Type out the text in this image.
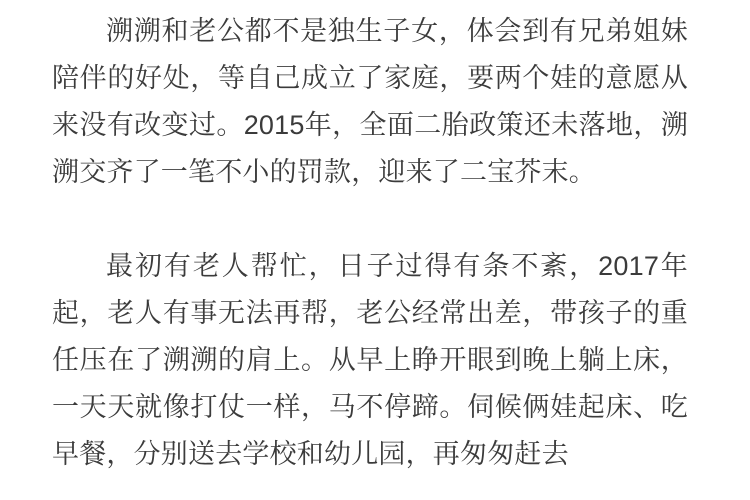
溯溯和老公都不是独生子女，体会到有兄弟姐妹陪伴的好处，等自己成立了家庭，要两个娃的意愿从来没有改变过。2015年，全面二胎政策还未落地，溯溯交齐了一笔不小的罚款，迎来了二宝芥末。

最初有老人帮忙，日子过得有条不紊，2017年起，老人有事无法再帮，老公经常出差，带孩子的重任压在了溯溯的肩上。从早上睁开眼到晚上躺上床，一天天就像打仗一样，马不停蹄。伺候俩娃起床、吃早餐，分别送去学校和幼儿园，再匆匆赶去
